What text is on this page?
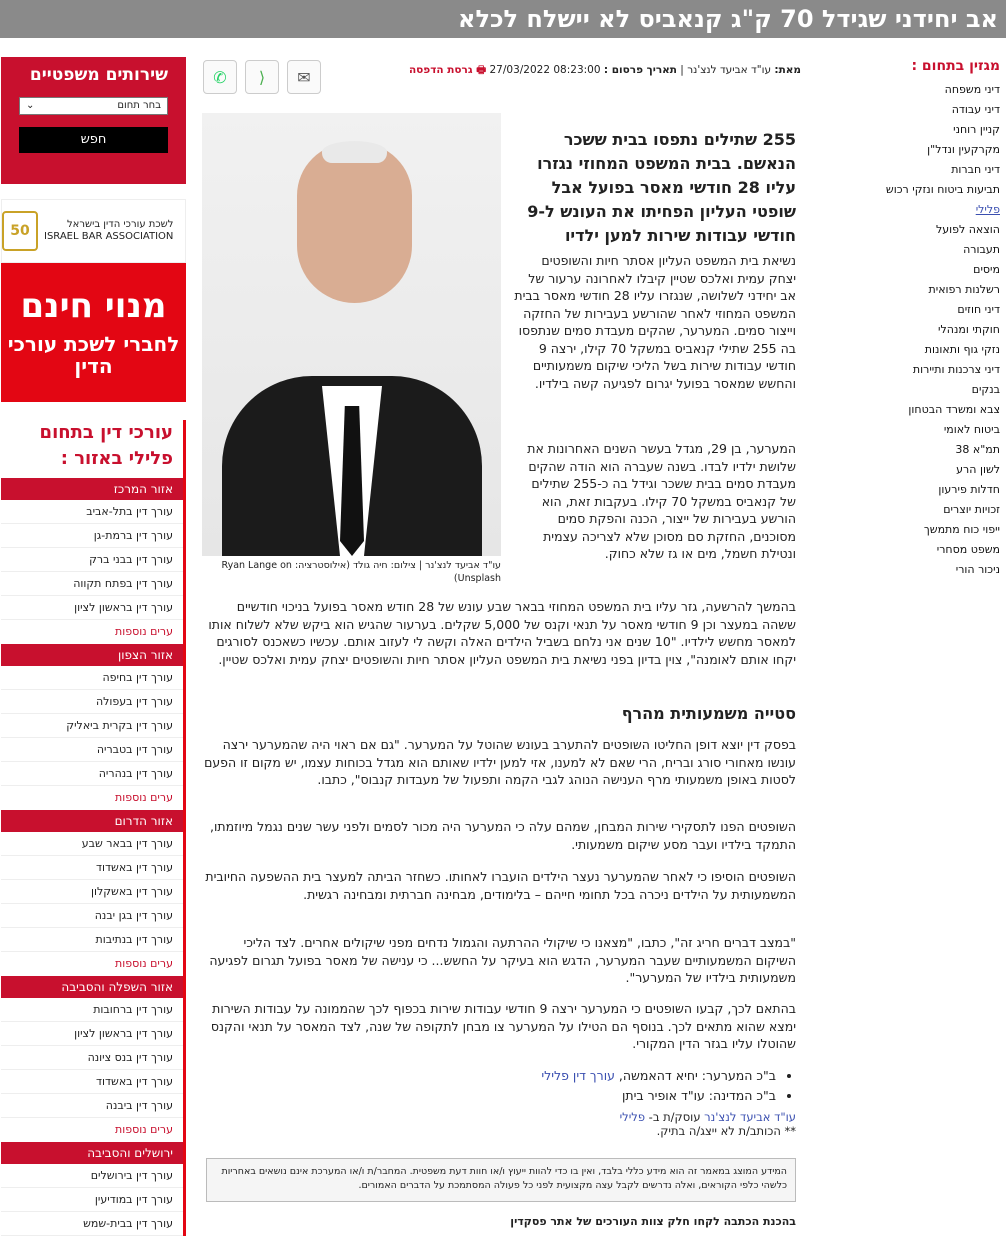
אב יחידני שגידל 70 ק"ג קנאביס לא יישלח לכלא
מגזין בתחום :
דיני משפחה
דיני עבודה
קניין רוחני
מקרקעין ונדל"ן
דיני חברות
תביעות ביטוח ונזקי רכוש
פלילי
הוצאה לפועל
תעבורה
מיסים
רשלנות רפואית
דיני חוזים
חוקתי ומנהלי
נזקי גוף ותאונות
דיני צרכנות ותיירות
בנקים
צבא ומשרד הבטחון
ביטוח לאומי
תמ"א 38
לשון הרע
חדלות פירעון
זכויות יוצרים
ייפוי כוח מתמשך
משפט מסחרי
ניכור הורי
מאת: עו"ד אביעד לנצ'נר | תאריך פרסום : 08:23:00 27/03/2022 🖶 גרסת הדפסה
✆ ⟨ ✉
עו"ד אביעד לנצ'נר | צילום: חיה גולד (אילוסטרציה: Ryan Lange on Unsplash)
255 שתילים נתפסו בבית ששכר הנאשם. בבית המשפט המחוזי נגזרו עליו 28 חודשי מאסר בפועל אבל שופטי העליון הפחיתו את העונש ל-9 חודשי עבודות שירות למען ילדיו
נשיאת בית המשפט העליון אסתר חיות והשופטים יצחק עמית ואלכס שטיין קיבלו לאחרונה ערעור של אב יחידני לשלושה, שנגזרו עליו 28 חודשי מאסר בבית המשפט המחוזי לאחר שהורשע בעבירות של החזקה וייצור סמים. המערער, שהקים מעבדת סמים שנתפסו בה 255 שתילי קנאביס במשקל 70 קילו, ירצה 9 חודשי עבודות שירות בשל הליכי שיקום משמעותיים והחשש שמאסר בפועל יגרום לפגיעה קשה בילדיו.
המערער, בן 29, מגדל בעשר השנים האחרונות את שלושת ילדיו לבדו. בשנה שעברה הוא הודה שהקים מעבדת סמים בבית ששכר וגידל בה כ-255 שתילים של קנאביס במשקל 70 קילו. בעקבות זאת, הוא הורשע בעבירות של ייצור, הכנה והפקת סמים מסוכנים, החזקת סם מסוכן שלא לצריכה עצמית ונטילת חשמל, מים או גז שלא כחוק.
בהמשך להרשעה, גזר עליו בית המשפט המחוזי בבאר שבע עונש של 28 חודש מאסר בפועל בניכוי חודשיים ששהה במעצר וכן 9 חודשי מאסר על תנאי וקנס של 5,000 שקלים. בערעור שהגיש הוא ביקש שלא לשלוח אותו למאסר מחשש לילדיו. "10 שנים אני נלחם בשביל הילדים האלה וקשה לי לעזוב אותם. עכשיו כשאכנס לסורגים יקחו אותם לאומנה", צוין בדיון בפני נשיאת בית המשפט העליון אסתר חיות והשופטים יצחק עמית ואלכס שטיין.
סטייה משמעותית מהרף
בפסק דין יוצא דופן החליטו השופטים להתערב בעונש שהוטל על המערער. "גם אם ראוי היה שהמערער ירצה עונשו מאחורי סורג ובריח, הרי שאם לא למענו, אזי למען ילדיו שאותם הוא מגדל בכוחות עצמו, יש מקום זו הפעם לסטות באופן משמעותי מרף הענישה הנוהג לגבי הקמה ותפעול של מעבדות קנבוס", כתבו.
השופטים הפנו לתסקירי שירות המבחן, שמהם עלה כי המערער היה מכור לסמים ולפני עשר שנים נגמל מיוזמתו, התמקד בילדיו ועבר מסע שיקום משמעותי.
השופטים הוסיפו כי לאחר שהמערער נעצר הילדים הועברו לאחותו. כשחזר הביתה למעצר בית ההשפעה החיובית המשמעותית על הילדים ניכרה בכל תחומי חייהם – בלימודים, מבחינה חברתית ומבחינה רגשית.
"במצב דברים חריג זה", כתבו, "מצאנו כי שיקולי ההרתעה והגמול נדחים מפני שיקולים אחרים. לצד הליכי השיקום המשמעותיים שעבר המערער, הדגש הוא בעיקר על החשש... כי ענישה של מאסר בפועל תגרום לפגיעה משמעותית בילדיו של המערער".
בהתאם לכך, קבעו השופטים כי המערער ירצה 9 חודשי עבודות שירות בכפוף לכך שהממונה על עבודות השירות ימצא שהוא מתאים לכך. בנוסף הם הטילו על המערער צו מבחן לתקופה של שנה, לצד המאסר על תנאי והקנס שהוטלו עליו בגזר הדין המקורי.
• ב"כ המערער: יחיא דהאמשה, עורך דין פלילי
• ב"כ המדינה: עו"ד אופיר ביתן
עו"ד אביעד לנצ'נר עוסק/ת ב- פלילי
** הכותב/ת לא ייצג/ה בתיק.
המידע המוצג במאמר זה הוא מידע כללי בלבד, ואין בו כדי להוות ייעוץ ו/או חוות דעת משפטית. המחבר/ת ו/או המערכת אינם נושאים באחריות כלשהי כלפי הקוראים, ואלה נדרשים לקבל עצה מקצועית לפני כל פעולה המסתמכת על הדברים האמורים.
בהכנת הכתבה לקחו חלק צוות העורכים של אתר פסקדין
שירותים משפטיים
בחר תחום
⌄
חפש
לשכת עורכי הדין בישראל
ISRAEL BAR ASSOCIATION
50
מנוי חינם
לחברי לשכת עורכי הדין
עורכי דין בתחום פלילי באזור :
אזור המרכז
עורך דין בתל-אביב
עורך דין ברמת-גן
עורך דין בבני ברק
עורך דין בפתח תקווה
עורך דין בראשון לציון
ערים נוספות
אזור הצפון
עורך דין בחיפה
עורך דין בעפולה
עורך דין בקרית ביאליק
עורך דין בטבריה
עורך דין בנהריה
ערים נוספות
אזור הדרום
עורך דין בבאר שבע
עורך דין באשדוד
עורך דין באשקלון
עורך דין בגן יבנה
עורך דין בנתיבות
ערים נוספות
אזור השפלה והסביבה
עורך דין ברחובות
עורך דין בראשון לציון
עורך דין בנס ציונה
עורך דין באשדוד
עורך דין ביבנה
ערים נוספות
ירושלים והסביבה
עורך דין בירושלים
עורך דין במודיעין
עורך דין בבית-שמש
